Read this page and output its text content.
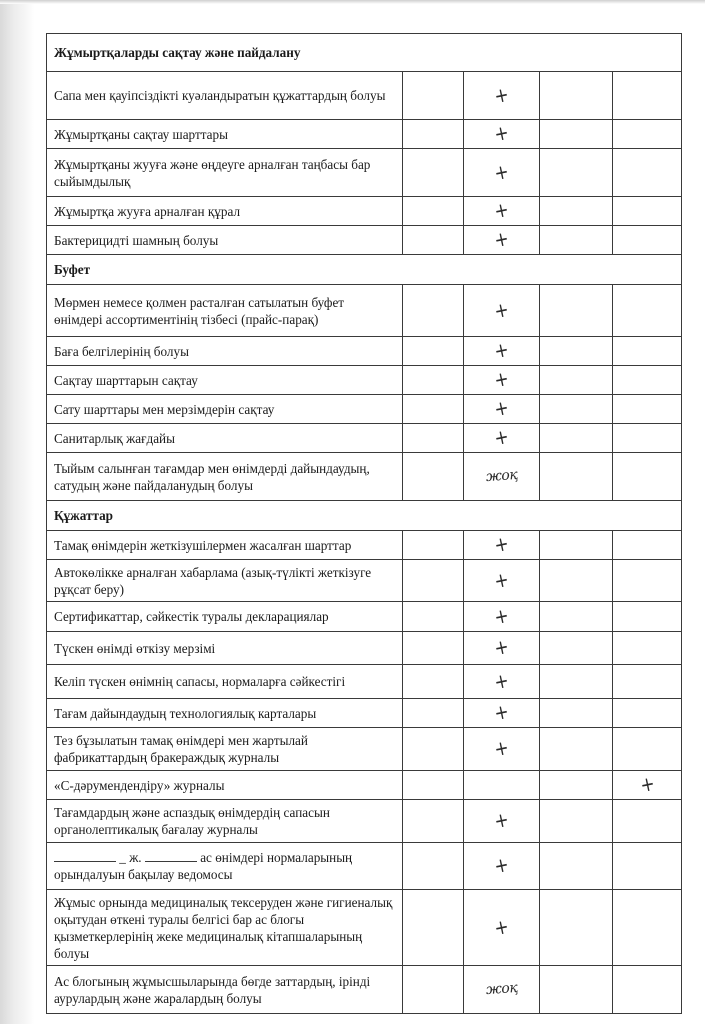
Жұмыртқаларды сақтау және пайдалану				
Сапа мен қауіпсіздікті куәландыратын құжаттардың болуы		+		
Жұмыртқаны сақтау шарттары		+		
Жұмыртқаны жууға және өңдеуге арналған таңбасы бар сыйымдылық		+		
Жұмыртқа жууға арналған құрал		+		
Бактерицидті шамның болуы		+		
Буфет				
Мөрмен немесе қолмен расталған сатылатын буфет өнімдері ассортиментінің тізбесі (прайс-парақ)		+		
Баға белгілерінің болуы		+		
Сақтау шарттарын сақтау		+		
Сату шарттары мен мерзімдерін сақтау		+		
Санитарлық жағдайы		+		
Тыйым салынған тағамдар мен өнімдерді дайындаудың, сатудың және пайдаланудың болуы		жоқ		
Құжаттар				
Тамақ өнімдерін жеткізушілермен жасалған шарттар		+		
Автокөлікке арналған хабарлама (азық-түлікті жеткізуге рұқсат беру)		+		
Сертификаттар, сәйкестік туралы декларациялар		+		
Түскен өнімді өткізу мерзімі		+		
Келіп түскен өнімнің сапасы, нормаларға сәйкестігі		+		
Тағам дайындаудың технологиялық карталары		+		
Тез бұзылатын тамақ өнімдері мен жартылай фабрикаттардың бракераждық журналы		+		
«С-дәрумендендіру» журналы				+
Тағамдардың және аспаздық өнімдердің сапасын органолептикалық бағалау журналы		+		
_ ж. ас өнімдері нормаларының орындалуын бақылау ведомосы		+		
Жұмыс орнында медициналық тексеруден және гигиеналық оқытудан өткені туралы белгісі бар ас блогы қызметкерлерінің жеке медициналық кітапшаларының болуы		+		
Ас блогының жұмысшыларында бөгде заттардың, ірінді аурулардың және жаралардың болуы		жоқ		
